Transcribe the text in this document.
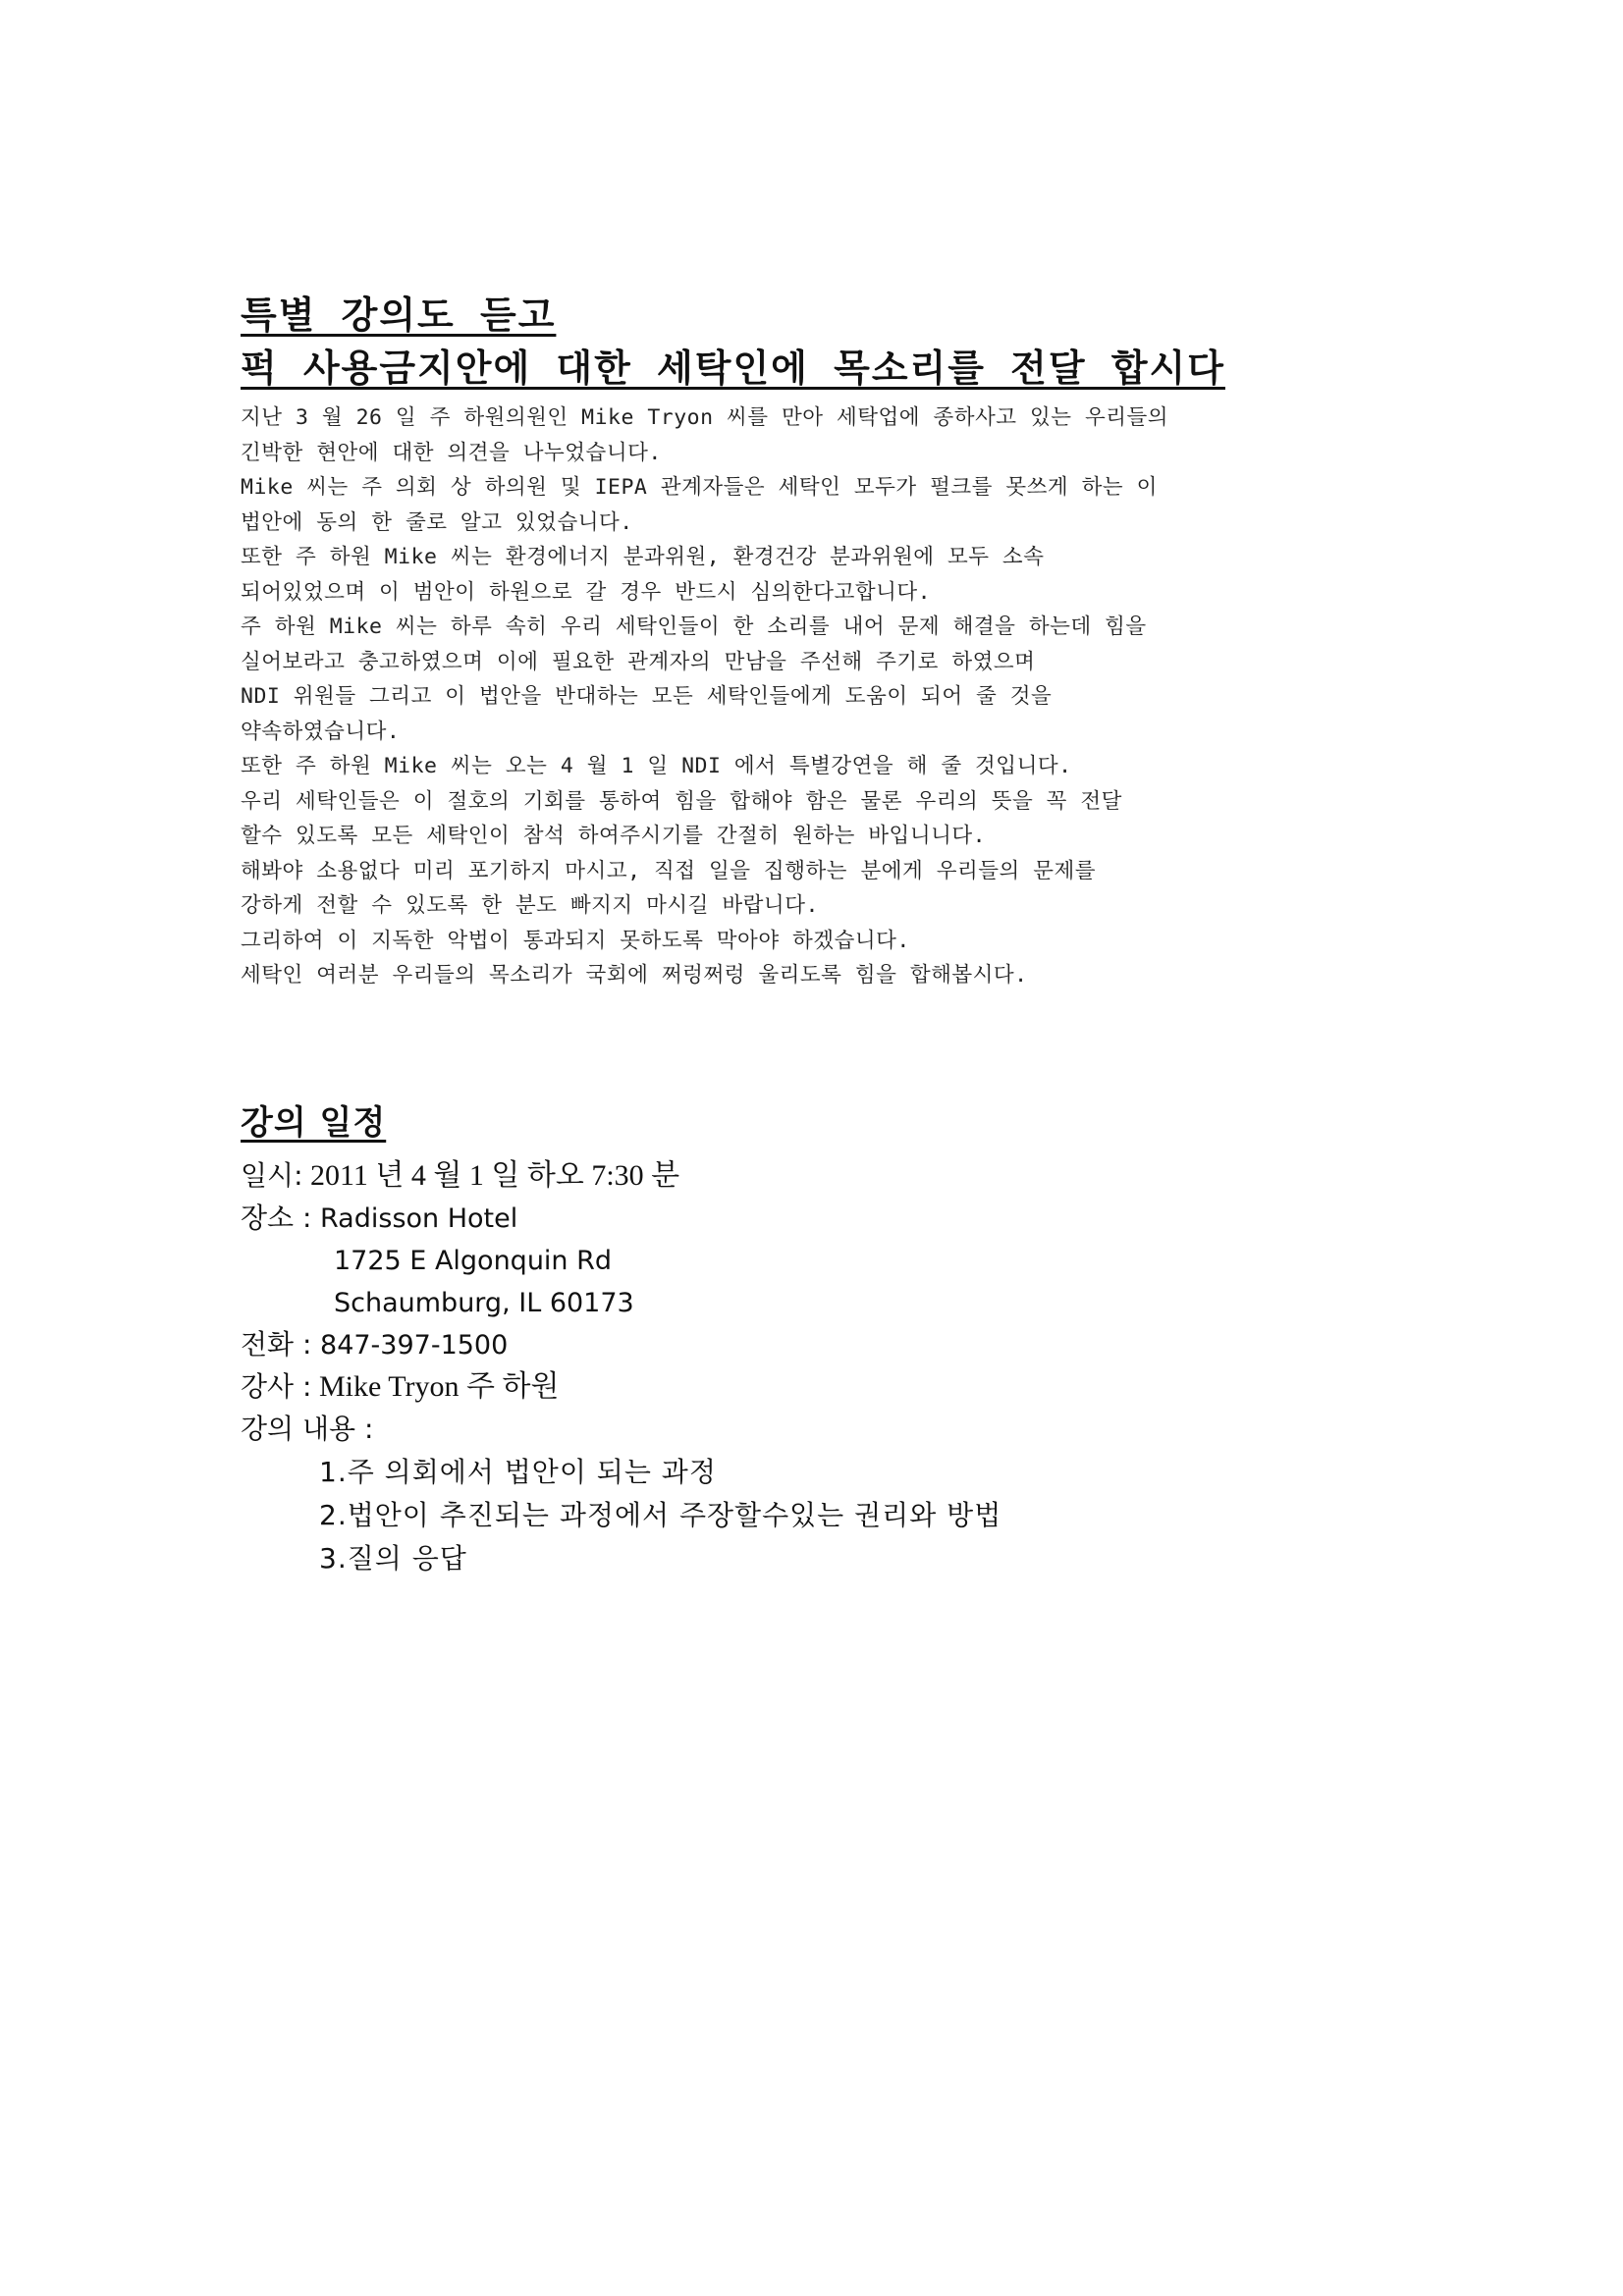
특별 강의도 듣고
퍽 사용금지안에 대한 세탁인에 목소리를 전달 합시다
지난 3 월 26 일 주 하원의원인 Mike Tryon 씨를 만아 세탁업에 종하사고 있는 우리들의
긴박한 현안에 대한 의견을 나누었습니다.
Mike 씨는 주 의회 상 하의원 및 IEPA 관계자들은 세탁인 모두가 펄크를 못쓰게 하는 이
법안에 동의 한 줄로 알고 있었습니다.
또한 주 하원 Mike 씨는 환경에너지 분과위원, 환경건강 분과위원에 모두 소속
되어있었으며 이 범안이 하원으로 갈 경우 반드시 심의한다고합니다.
주 하원 Mike 씨는 하루 속히 우리 세탁인들이 한 소리를 내어 문제 해결을 하는데 힘을
실어보라고 충고하였으며 이에 필요한 관계자의 만남을 주선해 주기로 하였으며
NDI 위원들 그리고 이 법안을 반대하는 모든 세탁인들에게 도움이 되어 줄 것을
약속하였습니다.
또한 주 하원 Mike 씨는 오는 4 월 1 일 NDI 에서 특별강연을 해 줄 것입니다.
우리 세탁인들은 이 절호의 기회를 통하여 힘을 합해야 함은 물론 우리의 뜻을 꼭 전달
할수 있도록 모든 세탁인이 참석 하여주시기를 간절히 원하는 바입니니다.
해봐야 소용없다 미리 포기하지 마시고, 직접 일을 집행하는 분에게 우리들의 문제를
강하게 전할 수 있도록 한 분도 빠지지 마시길 바랍니다.
그리하여 이 지독한 악법이 통과되지 못하도록 막아야 하겠습니다.
세탁인 여러분 우리들의 목소리가 국회에 쩌렁쩌렁 울리도록 힘을 합해봅시다.
강의 일정
일시: 2011 년 4 월 1 일 하오 7:30 분
장소 : Radisson Hotel
1725 E Algonquin Rd
Schaumburg, IL 60173
전화 : 847-397-1500
강사 : Mike Tryon 주 하원
강의 내용 :
1.주 의회에서 법안이 되는 과정
2.법안이 추진되는 과정에서 주장할수있는 권리와 방법
3.질의 응답
